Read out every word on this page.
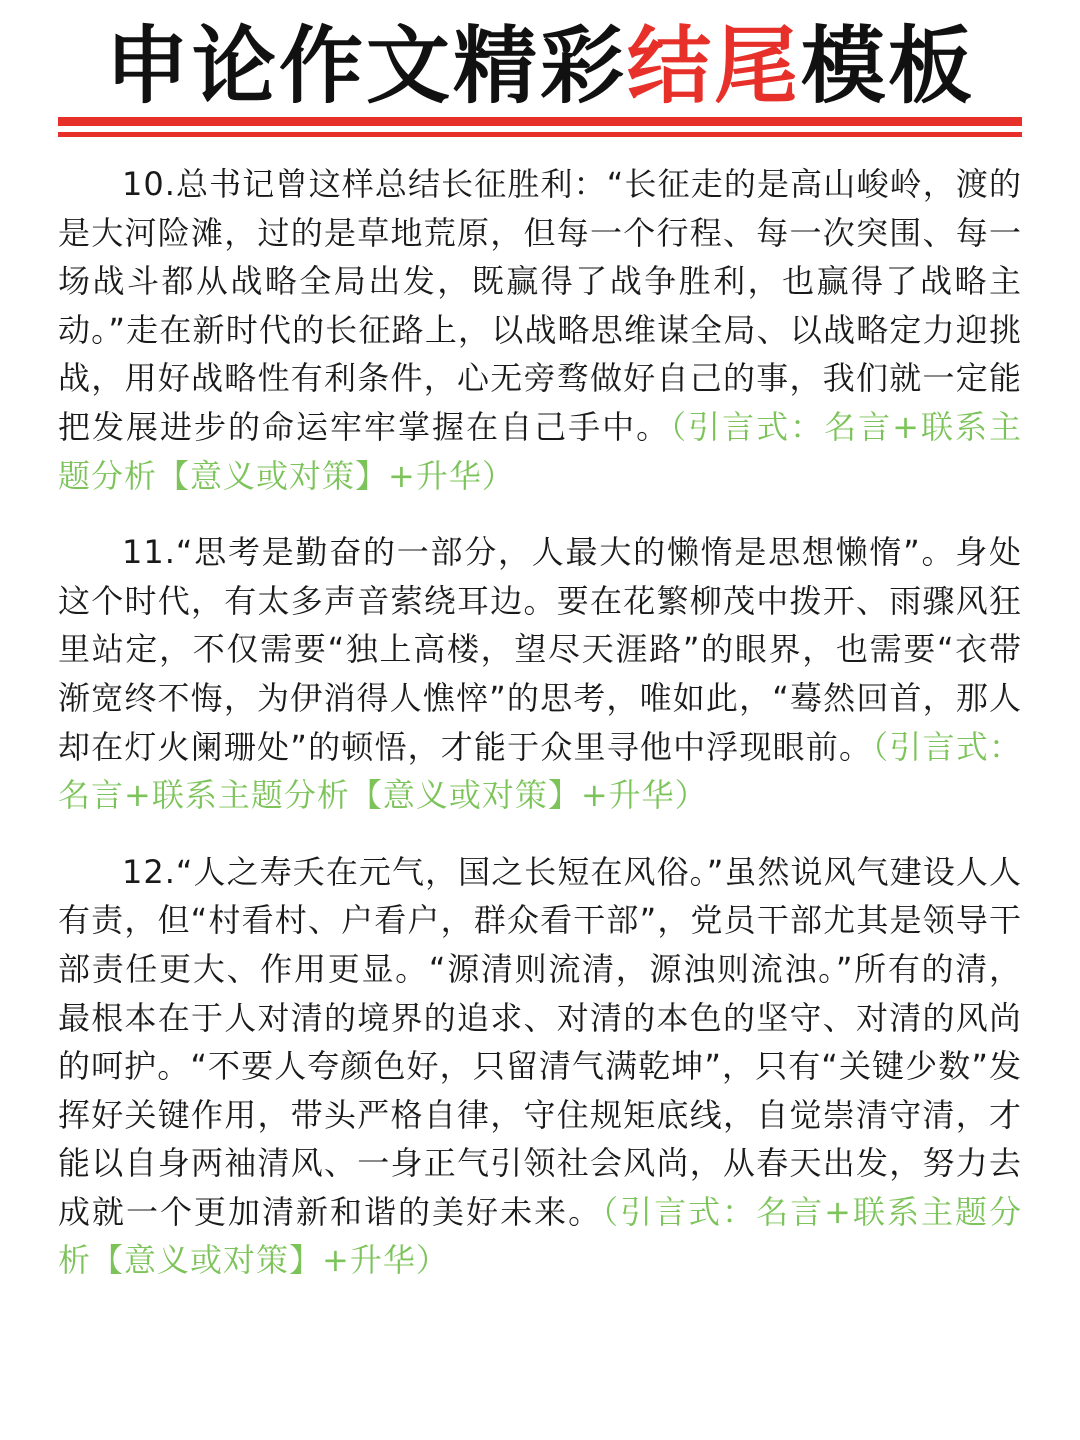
申论作文精彩结尾模板

10.总书记曾这样总结长征胜利：“长征走的是高山峻岭，渡的是大河险滩，过的是草地荒原，但每一个行程、每一次突围、每一场战斗都从战略全局出发，既赢得了战争胜利，也赢得了战略主动。”走在新时代的长征路上，以战略思维谋全局、以战略定力迎挑战，用好战略性有利条件，心无旁骛做好自己的事，我们就一定能把发展进步的命运牢牢掌握在自己手中。（引言式：名言+联系主题分析【意义或对策】+升华）

11.“思考是勤奋的一部分，人最大的懒惰是思想懒惰”。身处这个时代，有太多声音萦绕耳边。要在花繁柳茂中拨开、雨骤风狂里站定，不仅需要“独上高楼，望尽天涯路”的眼界，也需要“衣带渐宽终不悔，为伊消得人憔悴”的思考，唯如此，“蓦然回首，那人却在灯火阑珊处”的顿悟，才能于众里寻他中浮现眼前。（引言式：名言+联系主题分析【意义或对策】+升华）

12.“人之寿夭在元气，国之长短在风俗。”虽然说风气建设人人有责，但“村看村、户看户，群众看干部”，党员干部尤其是领导干部责任更大、作用更显。“源清则流清，源浊则流浊。”所有的清，最根本在于人对清的境界的追求、对清的本色的坚守、对清的风尚的呵护。“不要人夸颜色好，只留清气满乾坤”，只有“关键少数”发挥好关键作用，带头严格自律，守住规矩底线，自觉崇清守清，才能以自身两袖清风、一身正气引领社会风尚，从春天出发，努力去成就一个更加清新和谐的美好未来。（引言式：名言+联系主题分析【意义或对策】+升华）
